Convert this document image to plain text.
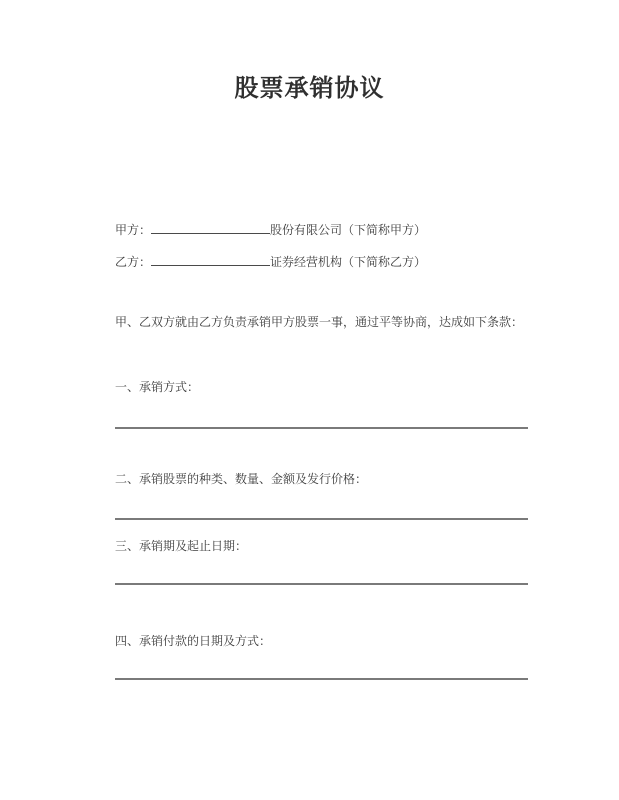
股票承销协议
甲方：	股份有限公司（下简称甲方）
乙方：	证券经营机构（下简称乙方）

甲、乙双方就由乙方负责承销甲方股票一事，通过平等协商，达成如下条款：

一、承销方式：
二、承销股票的种类、数量、金额及发行价格：
三、承销期及起止日期：
四、承销付款的日期及方式：
